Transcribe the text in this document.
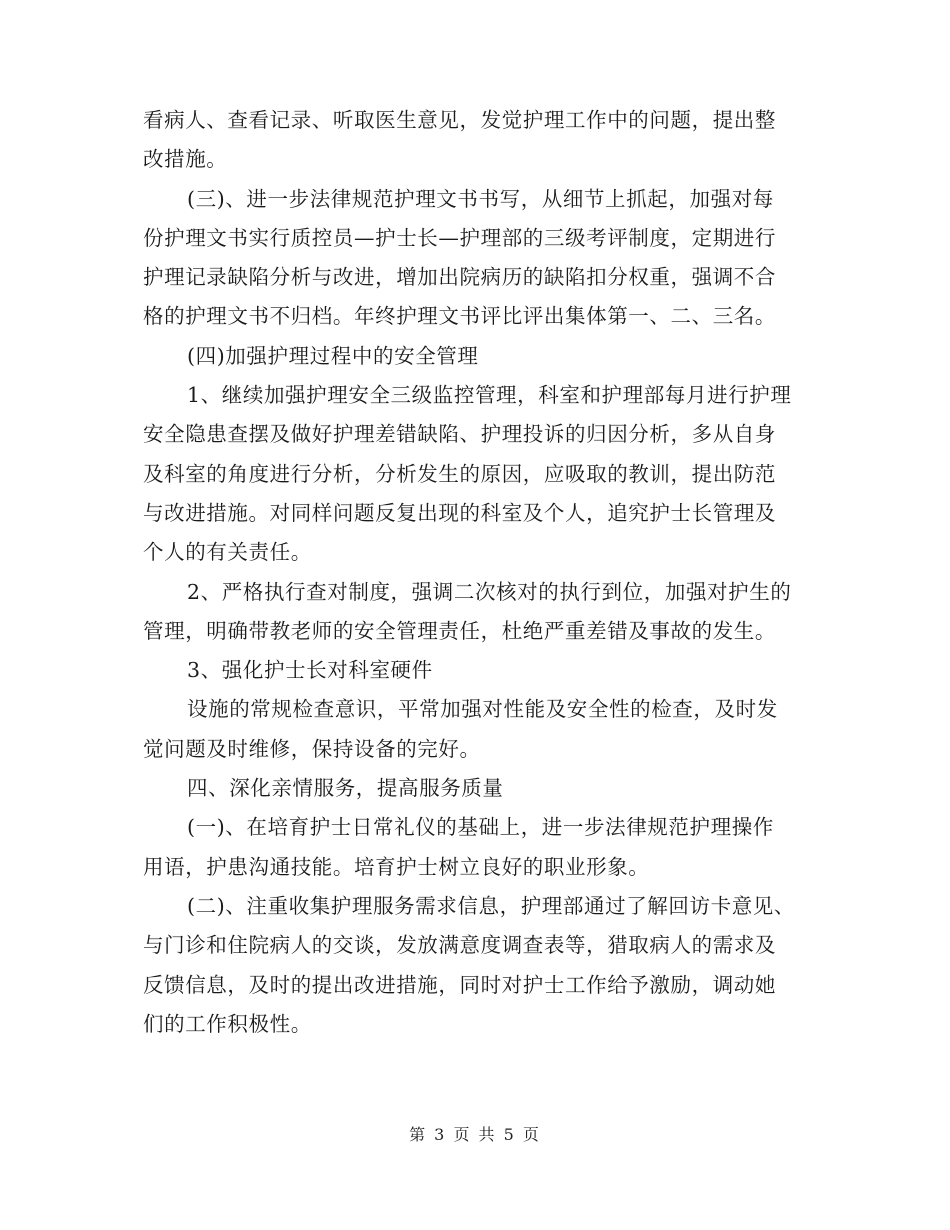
看病人、查看记录、听取医生意见，发觉护理工作中的问题，提出整
改措施。
(三)、进一步法律规范护理文书书写，从细节上抓起，加强对每
份护理文书实行质控员—护士长—护理部的三级考评制度，定期进行
护理记录缺陷分析与改进，增加出院病历的缺陷扣分权重，强调不合
格的护理文书不归档。年终护理文书评比评出集体第一、二、三名。
(四)加强护理过程中的安全管理
1、继续加强护理安全三级监控管理，科室和护理部每月进行护理
安全隐患查摆及做好护理差错缺陷、护理投诉的归因分析，多从自身
及科室的角度进行分析，分析发生的原因，应吸取的教训，提出防范
与改进措施。对同样问题反复出现的科室及个人，追究护士长管理及
个人的有关责任。
2、严格执行查对制度，强调二次核对的执行到位，加强对护生的
管理，明确带教老师的安全管理责任，杜绝严重差错及事故的发生。
3、强化护士长对科室硬件
设施的常规检查意识，平常加强对性能及安全性的检查，及时发
觉问题及时维修，保持设备的完好。
四、深化亲情服务，提高服务质量
(一)、在培育护士日常礼仪的基础上，进一步法律规范护理操作
用语，护患沟通技能。培育护士树立良好的职业形象。
(二)、注重收集护理服务需求信息，护理部通过了解回访卡意见、
与门诊和住院病人的交谈，发放满意度调查表等，猎取病人的需求及
反馈信息，及时的提出改进措施，同时对护士工作给予激励，调动她
们的工作积极性。
第 3 页 共 5 页
